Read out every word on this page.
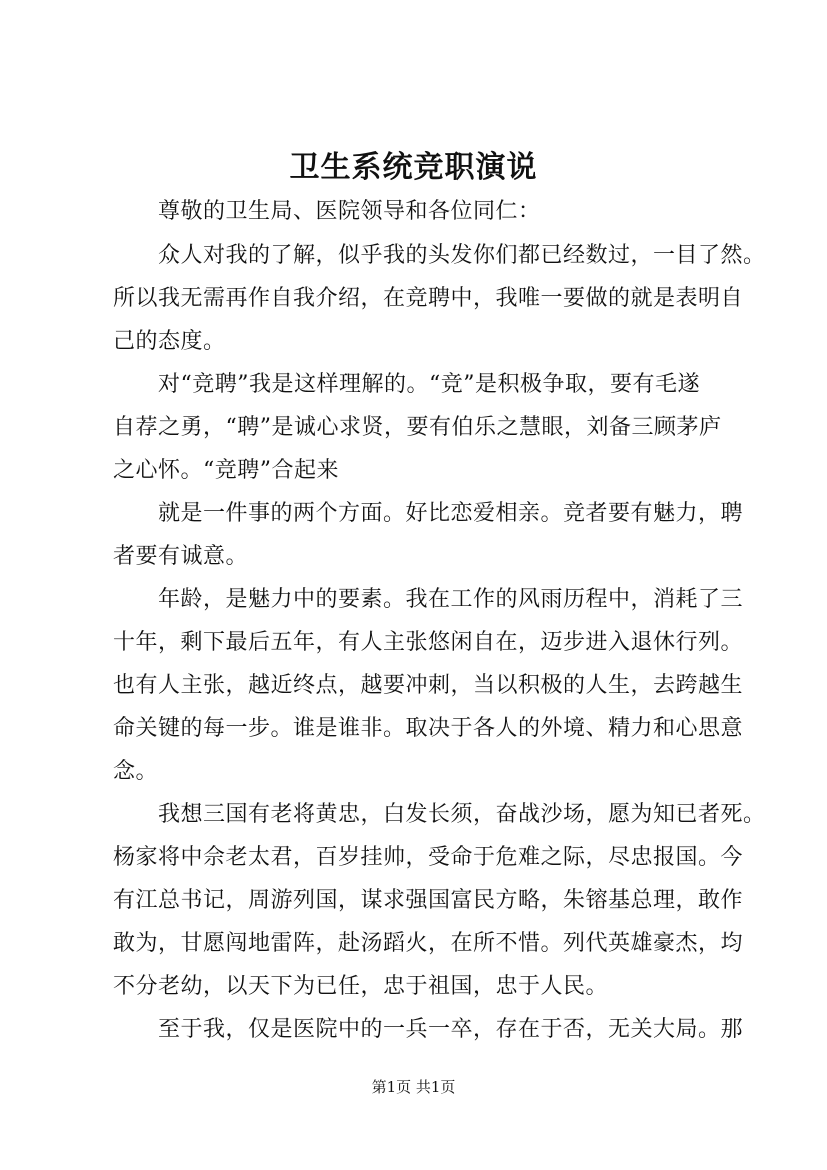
卫生系统竞职演说
尊敬的卫生局、医院领导和各位同仁：
众人对我的了解，似乎我的头发你们都已经数过，一目了然。
所以我无需再作自我介绍，在竞聘中，我唯一要做的就是表明自
己的态度。
对“竞聘”我是这样理解的。“竞”是积极争取，要有毛遂
自荐之勇，“聘”是诚心求贤，要有伯乐之慧眼，刘备三顾茅庐
之心怀。“竞聘”合起来
就是一件事的两个方面。好比恋爱相亲。竞者要有魅力，聘
者要有诚意。
年龄，是魅力中的要素。我在工作的风雨历程中，消耗了三
十年，剩下最后五年，有人主张悠闲自在，迈步进入退休行列。
也有人主张，越近终点，越要冲刺，当以积极的人生，去跨越生
命关键的每一步。谁是谁非。取决于各人的外境、精力和心思意
念。
我想三国有老将黄忠，白发长须，奋战沙场，愿为知已者死。
杨家将中佘老太君，百岁挂帅，受命于危难之际，尽忠报国。今
有江总书记，周游列国，谋求强国富民方略，朱镕基总理，敢作
敢为，甘愿闯地雷阵，赴汤蹈火，在所不惜。列代英雄豪杰，均
不分老幼，以天下为已任，忠于祖国，忠于人民。
至于我，仅是医院中的一兵一卒，存在于否，无关大局。那
第1页 共1页
